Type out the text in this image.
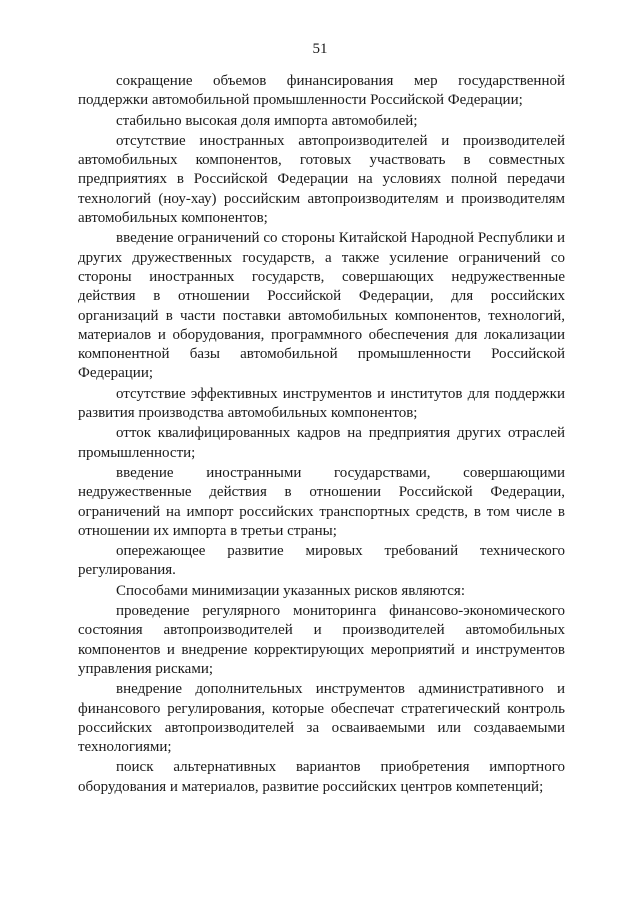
51

сокращение объемов финансирования мер государственной поддержки автомобильной промышленности Российской Федерации;

стабильно высокая доля импорта автомобилей;

отсутствие иностранных автопроизводителей и производителей автомобильных компонентов, готовых участвовать в совместных предприятиях в Российской Федерации на условиях полной передачи технологий (ноу-хау) российским автопроизводителям и производителям автомобильных компонентов;

введение ограничений со стороны Китайской Народной Республики и других дружественных государств, а также усиление ограничений со стороны иностранных государств, совершающих недружественные действия в отношении Российской Федерации, для российских организаций в части поставки автомобильных компонентов, технологий, материалов и оборудования, программного обеспечения для локализации компонентной базы автомобильной промышленности Российской Федерации;

отсутствие эффективных инструментов и институтов для поддержки развития производства автомобильных компонентов;

отток квалифицированных кадров на предприятия других отраслей промышленности;

введение иностранными государствами, совершающими недружественные действия в отношении Российской Федерации, ограничений на импорт российских транспортных средств, в том числе в отношении их импорта в третьи страны;

опережающее развитие мировых требований технического регулирования.

Способами минимизации указанных рисков являются:

проведение регулярного мониторинга финансово-экономического состояния автопроизводителей и производителей автомобильных компонентов и внедрение корректирующих мероприятий и инструментов управления рисками;

внедрение дополнительных инструментов административного и финансового регулирования, которые обеспечат стратегический контроль российских автопроизводителей за осваиваемыми или создаваемыми технологиями;

поиск альтернативных вариантов приобретения импортного оборудования и материалов, развитие российских центров компетенций;
